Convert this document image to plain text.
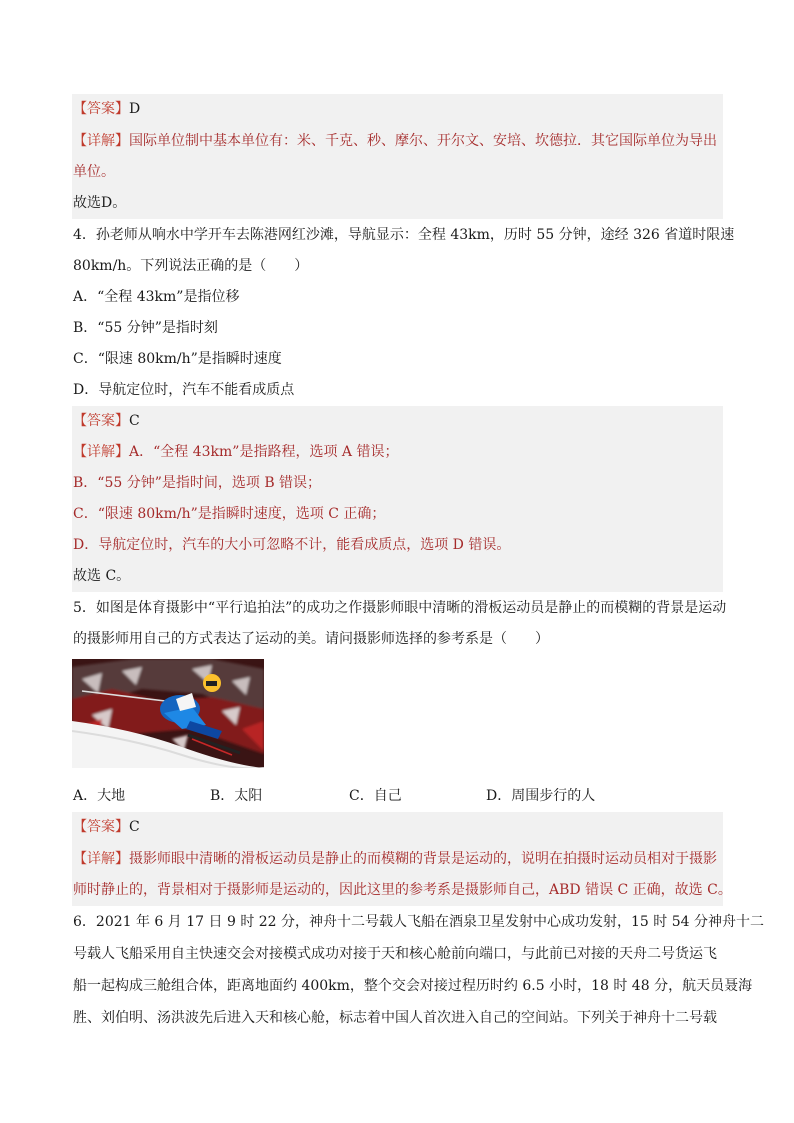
【答案】D
【详解】国际单位制中基本单位有：米、千克、秒、摩尔、开尔文、安培、坎德拉．其它国际单位为导出
单位。
故选D。
4．孙老师从响水中学开车去陈港网红沙滩，导航显示：全程 43km，历时 55 分钟，途经 326 省道时限速
80km/h。下列说法正确的是（　　）
A．“全程 43km”是指位移
B．“55 分钟”是指时刻
C．“限速 80km/h”是指瞬时速度
D．导航定位时，汽车不能看成质点
【答案】C
【详解】A．“全程 43km”是指路程，选项 A 错误；
B．“55 分钟”是指时间，选项 B 错误；
C．“限速 80km/h”是指瞬时速度，选项 C 正确；
D．导航定位时，汽车的大小可忽略不计，能看成质点，选项 D 错误。
故选 C。
5．如图是体育摄影中“平行追拍法”的成功之作摄影师眼中清晰的滑板运动员是静止的而模糊的背景是运动
的摄影师用自己的方式表达了运动的美。请问摄影师选择的参考系是（　　）
A．大地	B．太阳	C．自己	D．周围步行的人
【答案】C
【详解】摄影师眼中清晰的滑板运动员是静止的而模糊的背景是运动的，说明在拍摄时运动员相对于摄影
师时静止的，背景相对于摄影师是运动的，因此这里的参考系是摄影师自己，ABD 错误 C 正确，故选 C。
6．2021 年 6 月 17 日 9 时 22 分，神舟十二号载人飞船在酒泉卫星发射中心成功发射，15 时 54 分神舟十二
号载人飞船采用自主快速交会对接模式成功对接于天和核心舱前向端口，与此前已对接的天舟二号货运飞
船一起构成三舱组合体，距离地面约 400km，整个交会对接过程历时约 6.5 小时，18 时 48 分，航天员聂海
胜、刘伯明、汤洪波先后进入天和核心舱，标志着中国人首次进入自己的空间站。下列关于神舟十二号载
